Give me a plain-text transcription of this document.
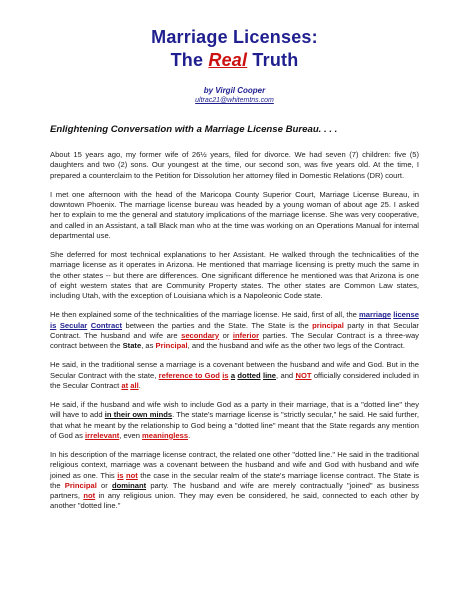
Marriage Licenses:
The Real Truth
by Virgil Cooper
ultrac21@whitemtns.com
Enlightening Conversation with a Marriage License Bureau. . . .

About 15 years ago, my former wife of 26½ years, filed for divorce. We had seven (7) children: five (5) daughters and two (2) sons. Our youngest at the time, our second son, was five years old. At the time, I prepared a counterclaim to the Petition for Dissolution her attorney filed in Domestic Relations (DR) court.

I met one afternoon with the head of the Maricopa County Superior Court, Marriage License Bureau, in downtown Phoenix. The marriage license bureau was headed by a young woman of about age 25. I asked her to explain to me the general and statutory implications of the marriage license. She was very cooperative, and called in an Assistant, a tall Black man who at the time was working on an Operations Manual for internal departmental use.

She deferred for most technical explanations to her Assistant. He walked through the technicalities of the marriage license as it operates in Arizona. He mentioned that marriage licensing is pretty much the same in the other states -- but there are differences. One significant difference he mentioned was that Arizona is one of eight western states that are Community Property states. The other states are Common Law states, including Utah, with the exception of Louisiana which is a Napoleonic Code state.

He then explained some of the technicalities of the marriage license. He said, first of all, the marriage license is Secular Contract between the parties and the State. The State is the principal party in that Secular Contract. The husband and wife are secondary or inferior parties. The Secular Contract is a three-way contract between the State, as Principal, and the husband and wife as the other two legs of the Contract.

He said, in the traditional sense a marriage is a covenant between the husband and wife and God. But in the Secular Contract with the state, reference to God is a dotted line, and NOT officially considered included in the Secular Contract at all.

He said, if the husband and wife wish to include God as a party in their marriage, that is a "dotted line" they will have to add in their own minds. The state's marriage license is "strictly secular," he said. He said further, that what he meant by the relationship to God being a "dotted line" meant that the State regards any mention of God as irrelevant, even meaningless.

In his description of the marriage license contract, the related one other "dotted line." He said in the traditional religious context, marriage was a covenant between the husband and wife and God with husband and wife joined as one. This is not the case in the secular realm of the state's marriage license contract. The State is the Principal or dominant party. The husband and wife are merely contractually "joined" as business partners, not in any religious union. They may even be considered, he said, connected to each other by another "dotted line."
